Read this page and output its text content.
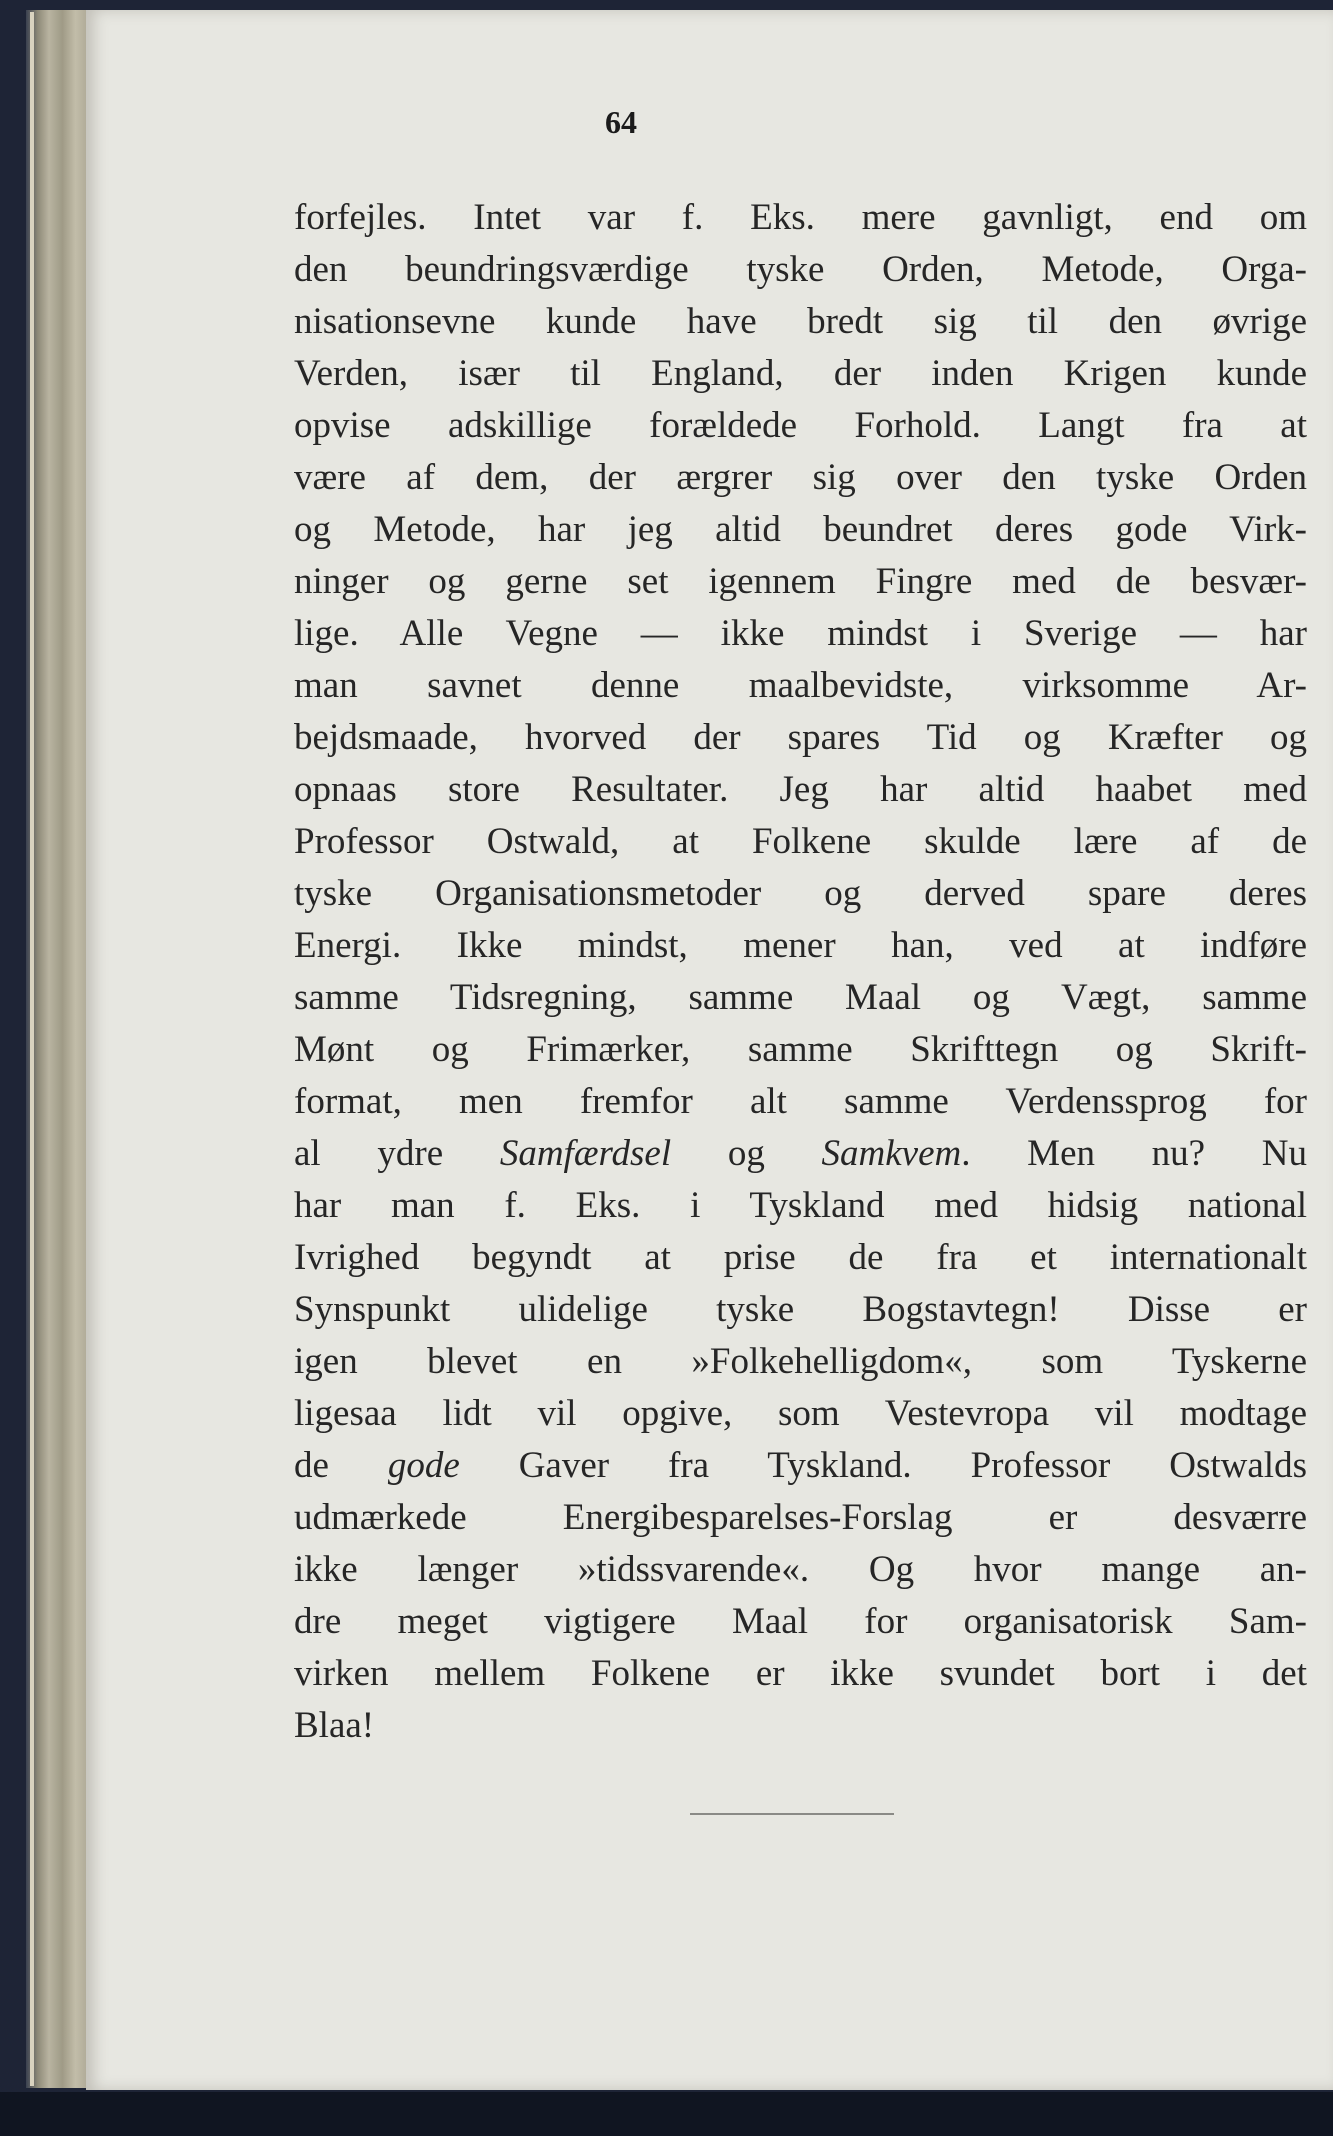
64
forfejles. Intet var f. Eks. mere gavnligt, end om
den beundringsværdige tyske Orden, Metode, Orga-
nisationsevne kunde have bredt sig til den øvrige
Verden, især til England, der inden Krigen kunde
opvise adskillige forældede Forhold. Langt fra at
være af dem, der ærgrer sig over den tyske Orden
og Metode, har jeg altid beundret deres gode Virk-
ninger og gerne set igennem Fingre med de besvær-
lige. Alle Vegne — ikke mindst i Sverige — har
man savnet denne maalbevidste, virksomme Ar-
bejdsmaade, hvorved der spares Tid og Kræfter og
opnaas store Resultater. Jeg har altid haabet med
Professor Ostwald, at Folkene skulde lære af de
tyske Organisationsmetoder og derved spare deres
Energi. Ikke mindst, mener han, ved at indføre
samme Tidsregning, samme Maal og Vægt, samme
Mønt og Frimærker, samme Skrifttegn og Skrift-
format, men fremfor alt samme Verdenssprog for
al ydre Samfærdsel og Samkvem. Men nu? Nu
har man f. Eks. i Tyskland med hidsig national
Ivrighed begyndt at prise de fra et internationalt
Synspunkt ulidelige tyske Bogstavtegn! Disse er
igen blevet en »Folkehelligdom«, som Tyskerne
ligesaa lidt vil opgive, som Vestevropa vil modtage
de gode Gaver fra Tyskland. Professor Ostwalds
udmærkede Energibesparelses-Forslag er desværre
ikke længer »tidssvarende«. Og hvor mange an-
dre meget vigtigere Maal for organisatorisk Sam-
virken mellem Folkene er ikke svundet bort i det
Blaa!
